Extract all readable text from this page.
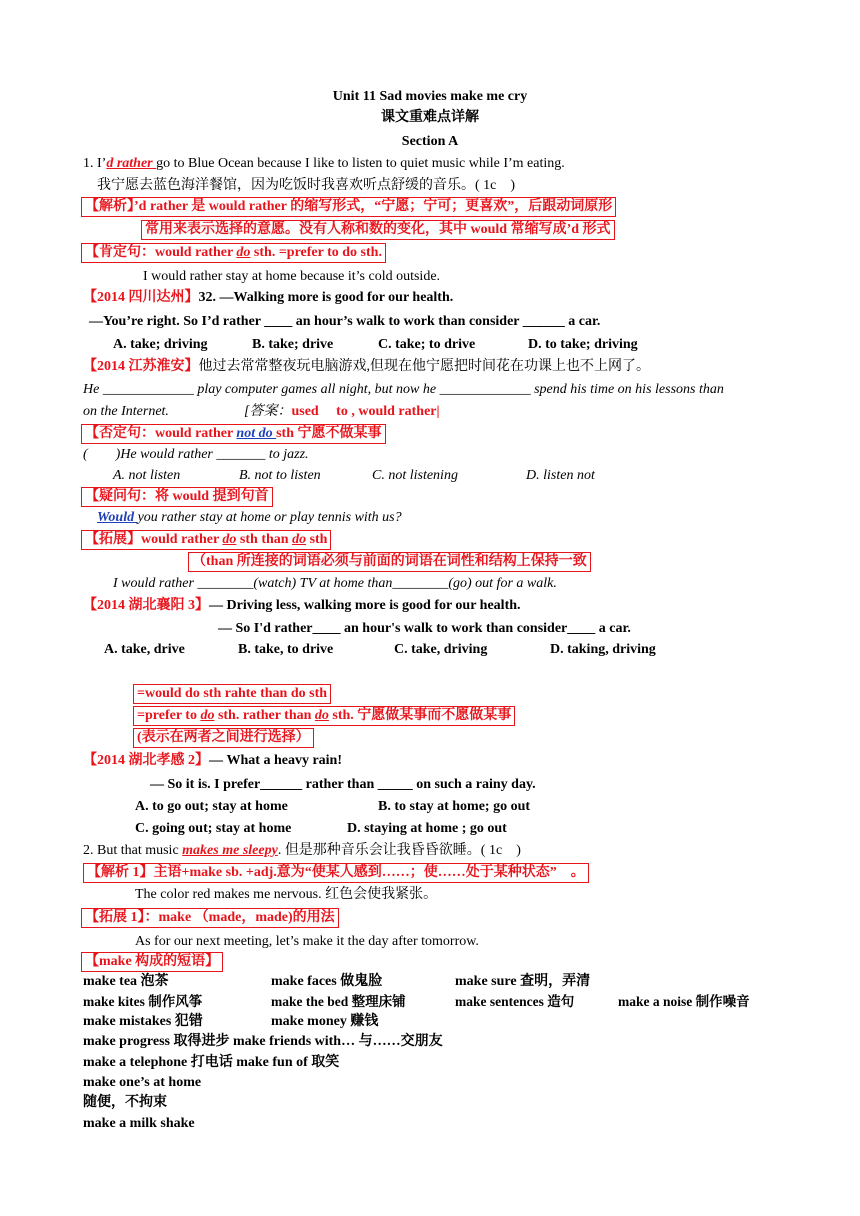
Unit 11 Sad movies make me cry
课文重难点详解
Section A
1. I’d rather go to Blue Ocean because I like to listen to quiet music while I’m eating.
我宁愿去蓝色海洋餐馆，因为吃饭时我喜欢听点舒缓的音乐。( 1c　)
【解析】’d rather 是 would rather 的缩写形式，“宁愿；宁可；更喜欢”，后跟动词原形
常用来表示选择的意愿。没有人称和数的变化，其中 would 常缩写成’d 形式
【肯定句：would rather do sth. =prefer to do sth.
I would rather stay at home because it’s cold outside.
【2014 四川达州】32. —Walking more is good for our health.
—You’re right. So I’d rather ____ an hour’s walk to work than consider ______ a car.
A. take; driving	B. take; drive	C. take; to drive	D. to take; driving
【2014 江苏淮安】他过去常常整夜玩电脑游戏,但现在他宁愿把时间花在功课上也不上网了。
He _____________ play computer games all night, but now he _____________ spend his time on his lessons than
on the Internet.	[答案：used　 to , would rather|
【否定句：would rather not do sth 宁愿不做某事
(　　)He would rather _______ to jazz.
A. not listen	B. not to listen	C. not listening	D. listen not
【疑问句：将 would 提到句首
Would you rather stay at home or play tennis with us?
【拓展】would rather do sth than do sth
（than 所连接的词语必须与前面的词语在词性和结构上保持一致
I would rather ________(watch) TV at home than________(go) out for a walk.
【2014 湖北襄阳 3】— Driving less, walking more is good for our health.
— So I'd rather____ an hour's walk to work than consider____ a car.
A. take, drive	B. take, to drive	C. take, driving	D. taking, driving
=would do sth rahte than do sth
=prefer to do sth. rather than do sth. 宁愿做某事而不愿做某事
(表示在两者之间进行选择）
【2014 湖北孝感 2】— What a heavy rain!
— So it is. I prefer______ rather than _____ on such a rainy day.
A. to go out; stay at home	B. to stay at home; go out
C. going out; stay at home	D. staying at home ; go out
2. But that music makes me sleepy. 但是那种音乐会让我昏昏欲睡。( 1c　)
【解析 1】主语+make sb. +adj.意为“使某人感到……；使……处于某种状态”　。
The color red makes me nervous. 红色会使我紧张。
【拓展 1】：make （made，made)的用法
As for our next meeting, let’s make it the day after tomorrow.
【make 构成的短语】
make tea 泡茶	make faces 做鬼脸	make sure 查明，弄清
make kites 制作风筝	make the bed 整理床铺	make sentences 造句	make a noise 制作噪音
make mistakes 犯错	make money 赚钱
make progress 取得进步 make friends with… 与……交朋友
make a telephone 打电话 make fun of 取笑
make one’s at home
随便，不拘束
make a milk shake
